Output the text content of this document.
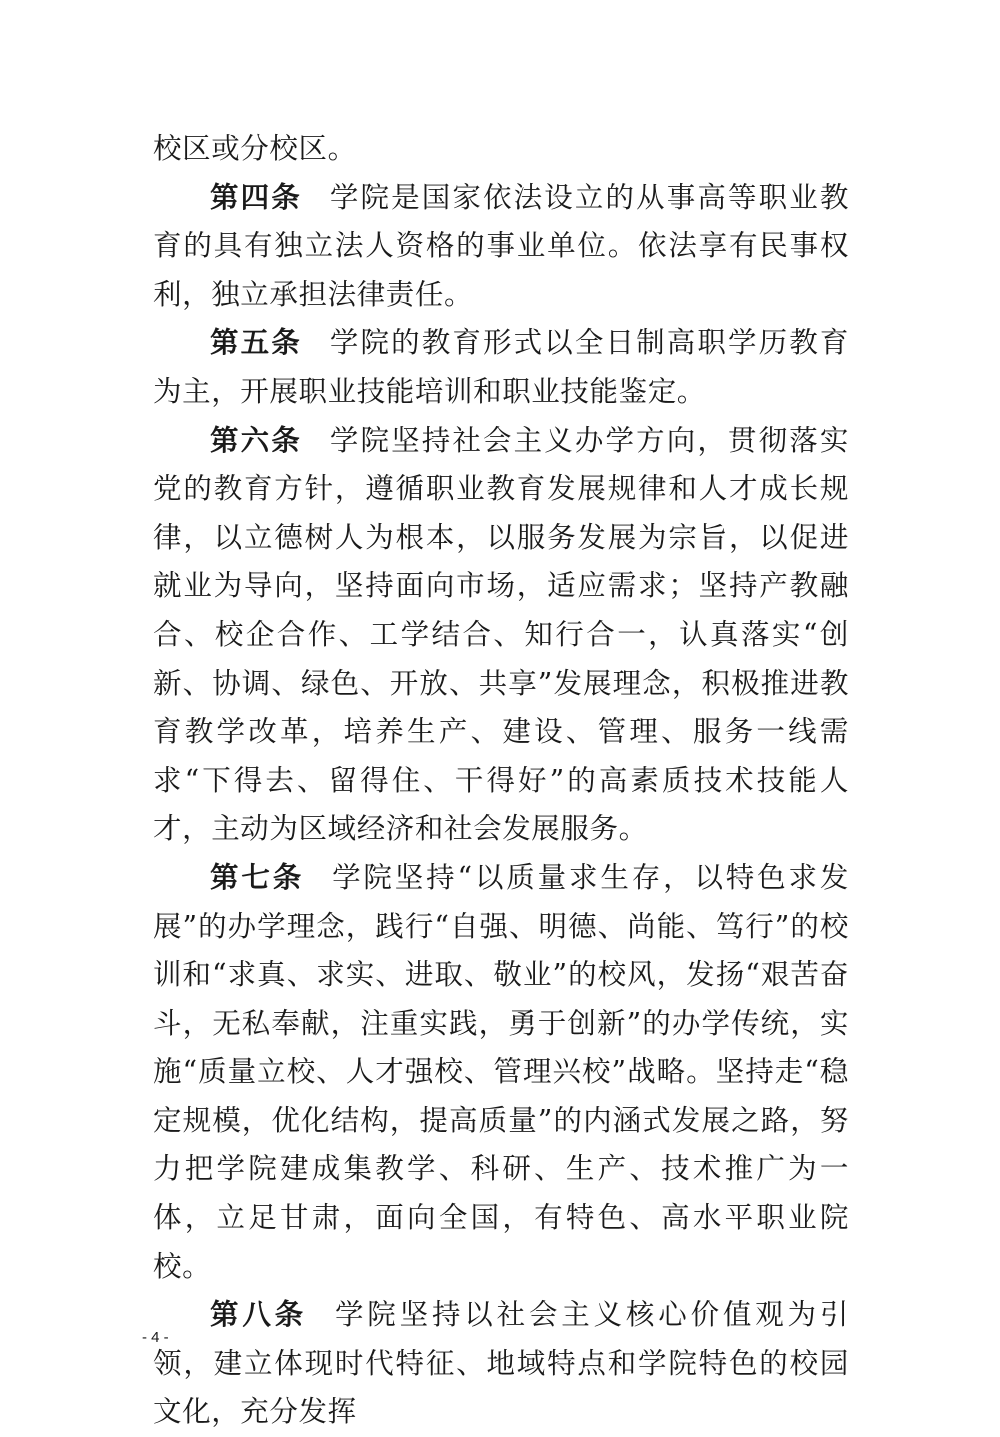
校区或分校区。

第四条 学院是国家依法设立的从事高等职业教育的具有独立法人资格的事业单位。依法享有民事权利，独立承担法律责任。

第五条 学院的教育形式以全日制高职学历教育为主，开展职业技能培训和职业技能鉴定。

第六条 学院坚持社会主义办学方向，贯彻落实党的教育方针，遵循职业教育发展规律和人才成长规律，以立德树人为根本，以服务发展为宗旨，以促进就业为导向，坚持面向市场，适应需求；坚持产教融合、校企合作、工学结合、知行合一，认真落实“创新、协调、绿色、开放、共享”发展理念，积极推进教育教学改革，培养生产、建设、管理、服务一线需求“下得去、留得住、干得好”的高素质技术技能人才，主动为区域经济和社会发展服务。

第七条 学院坚持“以质量求生存，以特色求发展”的办学理念，践行“自强、明德、尚能、笃行”的校训和“求真、求实、进取、敬业”的校风，发扬“艰苦奋斗，无私奉献，注重实践，勇于创新”的办学传统，实施“质量立校、人才强校、管理兴校”战略。坚持走“稳定规模，优化结构，提高质量”的内涵式发展之路，努力把学院建成集教学、科研、生产、技术推广为一体，立足甘肃，面向全国，有特色、高水平职业院校。

第八条 学院坚持以社会主义核心价值观为引领，建立体现时代特征、地域特点和学院特色的校园文化，充分发挥

- 4 -
